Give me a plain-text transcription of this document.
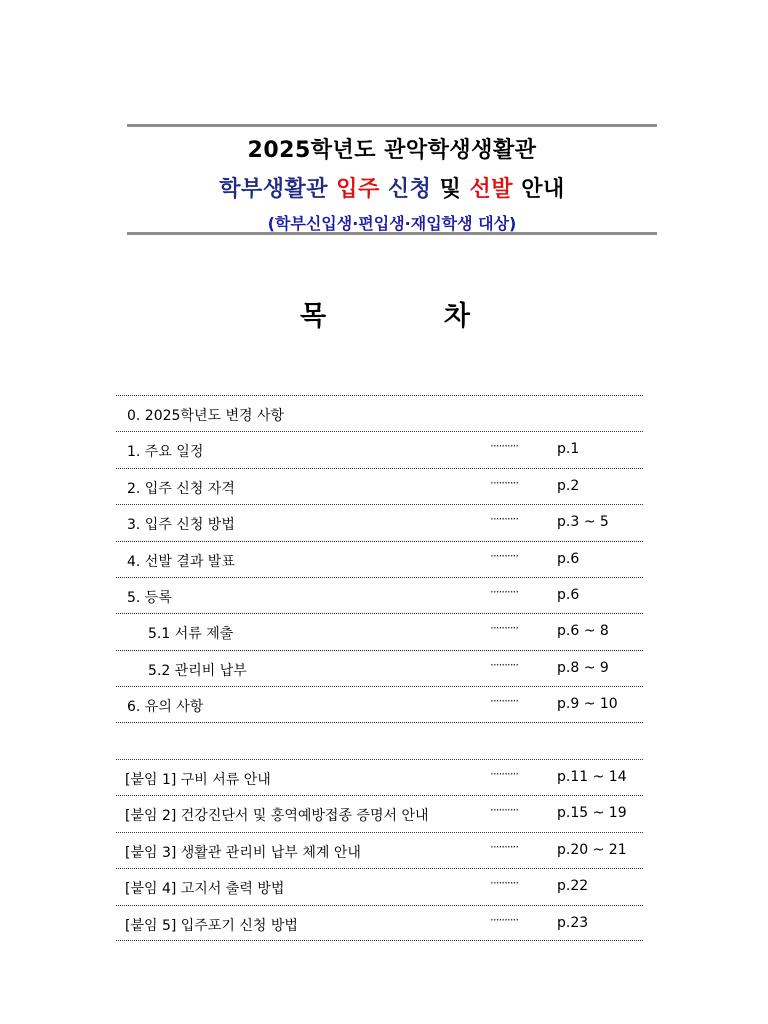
2025학년도 관악학생생활관
학부생활관 입주 신청 및 선발 안내
(학부신입생·편입생·재입학생 대상)
목	차
0. 2025학년도 변경 사항
1. 주요 일정	··········	p.1
2. 입주 신청 자격	··········	p.2
3. 입주 신청 방법	··········	p.3 ~ 5
4. 선발 결과 발표	··········	p.6
5. 등록	··········	p.6
5.1 서류 제출	··········	p.6 ~ 8
5.2 관리비 납부	··········	p.8 ~ 9
6. 유의 사항	··········	p.9 ~ 10
[붙임 1] 구비 서류 안내	··········	p.11 ~ 14
[붙임 2] 건강진단서 및 홍역예방접종 증명서 안내	··········	p.15 ~ 19
[붙임 3] 생활관 관리비 납부 체계 안내	··········	p.20 ~ 21
[붙임 4] 고지서 출력 방법	··········	p.22
[붙임 5] 입주포기 신청 방법	··········	p.23
